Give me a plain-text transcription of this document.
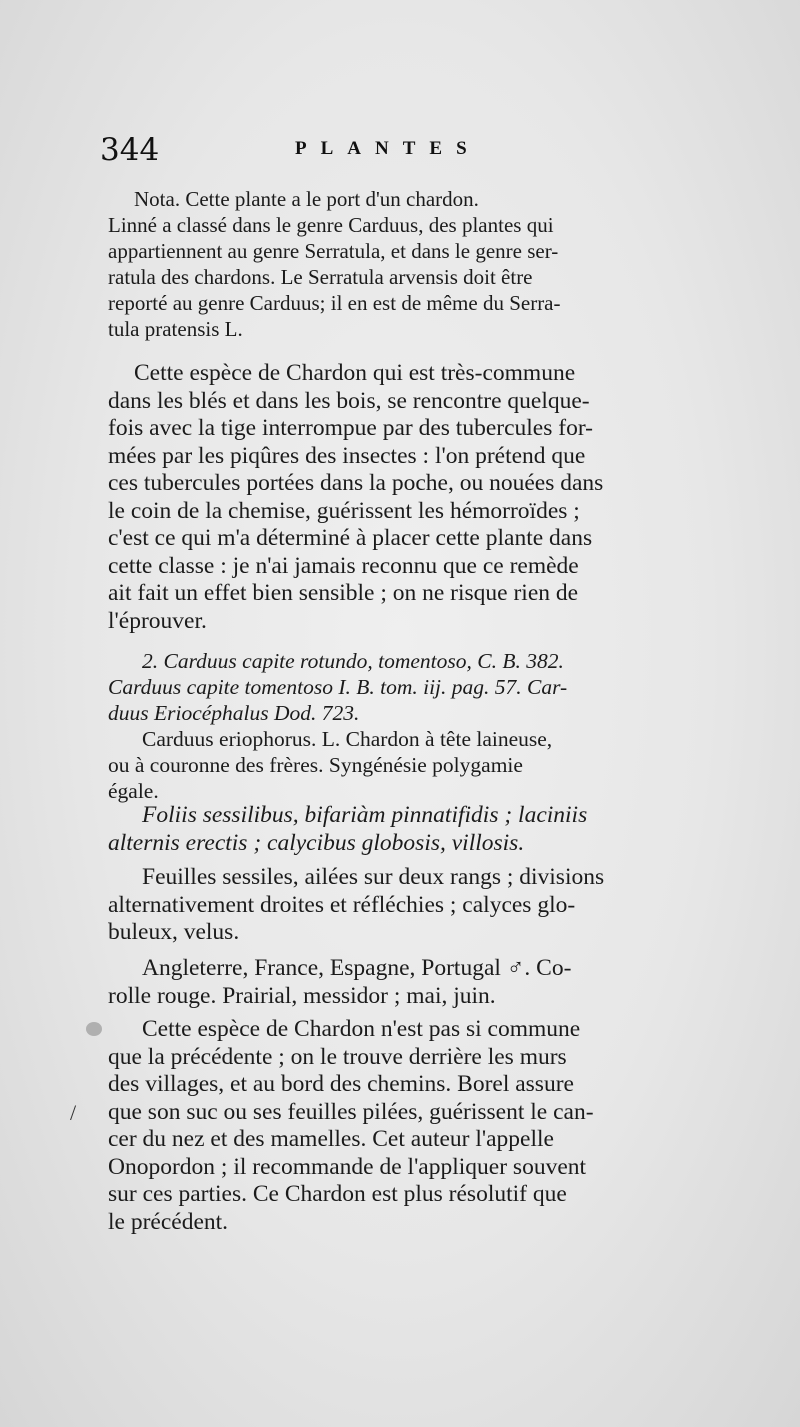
/
344	PLANTES
Nota. Cette plante a le port d'un chardon.
Linné a classé dans le genre Carduus, des plantes qui
appartiennent au genre Serratula, et dans le genre ser-
ratula des chardons. Le Serratula arvensis doit être
reporté au genre Carduus; il en est de même du Serra-
tula pratensis L.
Cette espèce de Chardon qui est très-commune
dans les blés et dans les bois, se rencontre quelque-
fois avec la tige interrompue par des tubercules for-
mées par les piqûres des insectes : l'on prétend que
ces tubercules portées dans la poche, ou nouées dans
le coin de la chemise, guérissent les hémorroïdes ;
c'est ce qui m'a déterminé à placer cette plante dans
cette classe : je n'ai jamais reconnu que ce remède
ait fait un effet bien sensible ; on ne risque rien de
l'éprouver.
2. Carduus capite rotundo, tomentoso, C. B. 382.
Carduus capite tomentoso I. B. tom. iij. pag. 57. Car-
duus Eriocéphalus Dod. 723.
Carduus eriophorus. L. Chardon à tête laineuse,
ou à couronne des frères. Syngénésie polygamie
égale.
Foliis sessilibus, bifariàm pinnatifidis ; laciniis
alternis erectis ; calycibus globosis, villosis.
Feuilles sessiles, ailées sur deux rangs ; divisions
alternativement droites et réfléchies ; calyces glo-
buleux, velus.
Angleterre, France, Espagne, Portugal ♂. Co-
rolle rouge. Prairial, messidor ; mai, juin.
Cette espèce de Chardon n'est pas si commune
que la précédente ; on le trouve derrière les murs
des villages, et au bord des chemins. Borel assure
que son suc ou ses feuilles pilées, guérissent le can-
cer du nez et des mamelles. Cet auteur l'appelle
Onopordon ; il recommande de l'appliquer souvent
sur ces parties. Ce Chardon est plus résolutif que
le précédent.
